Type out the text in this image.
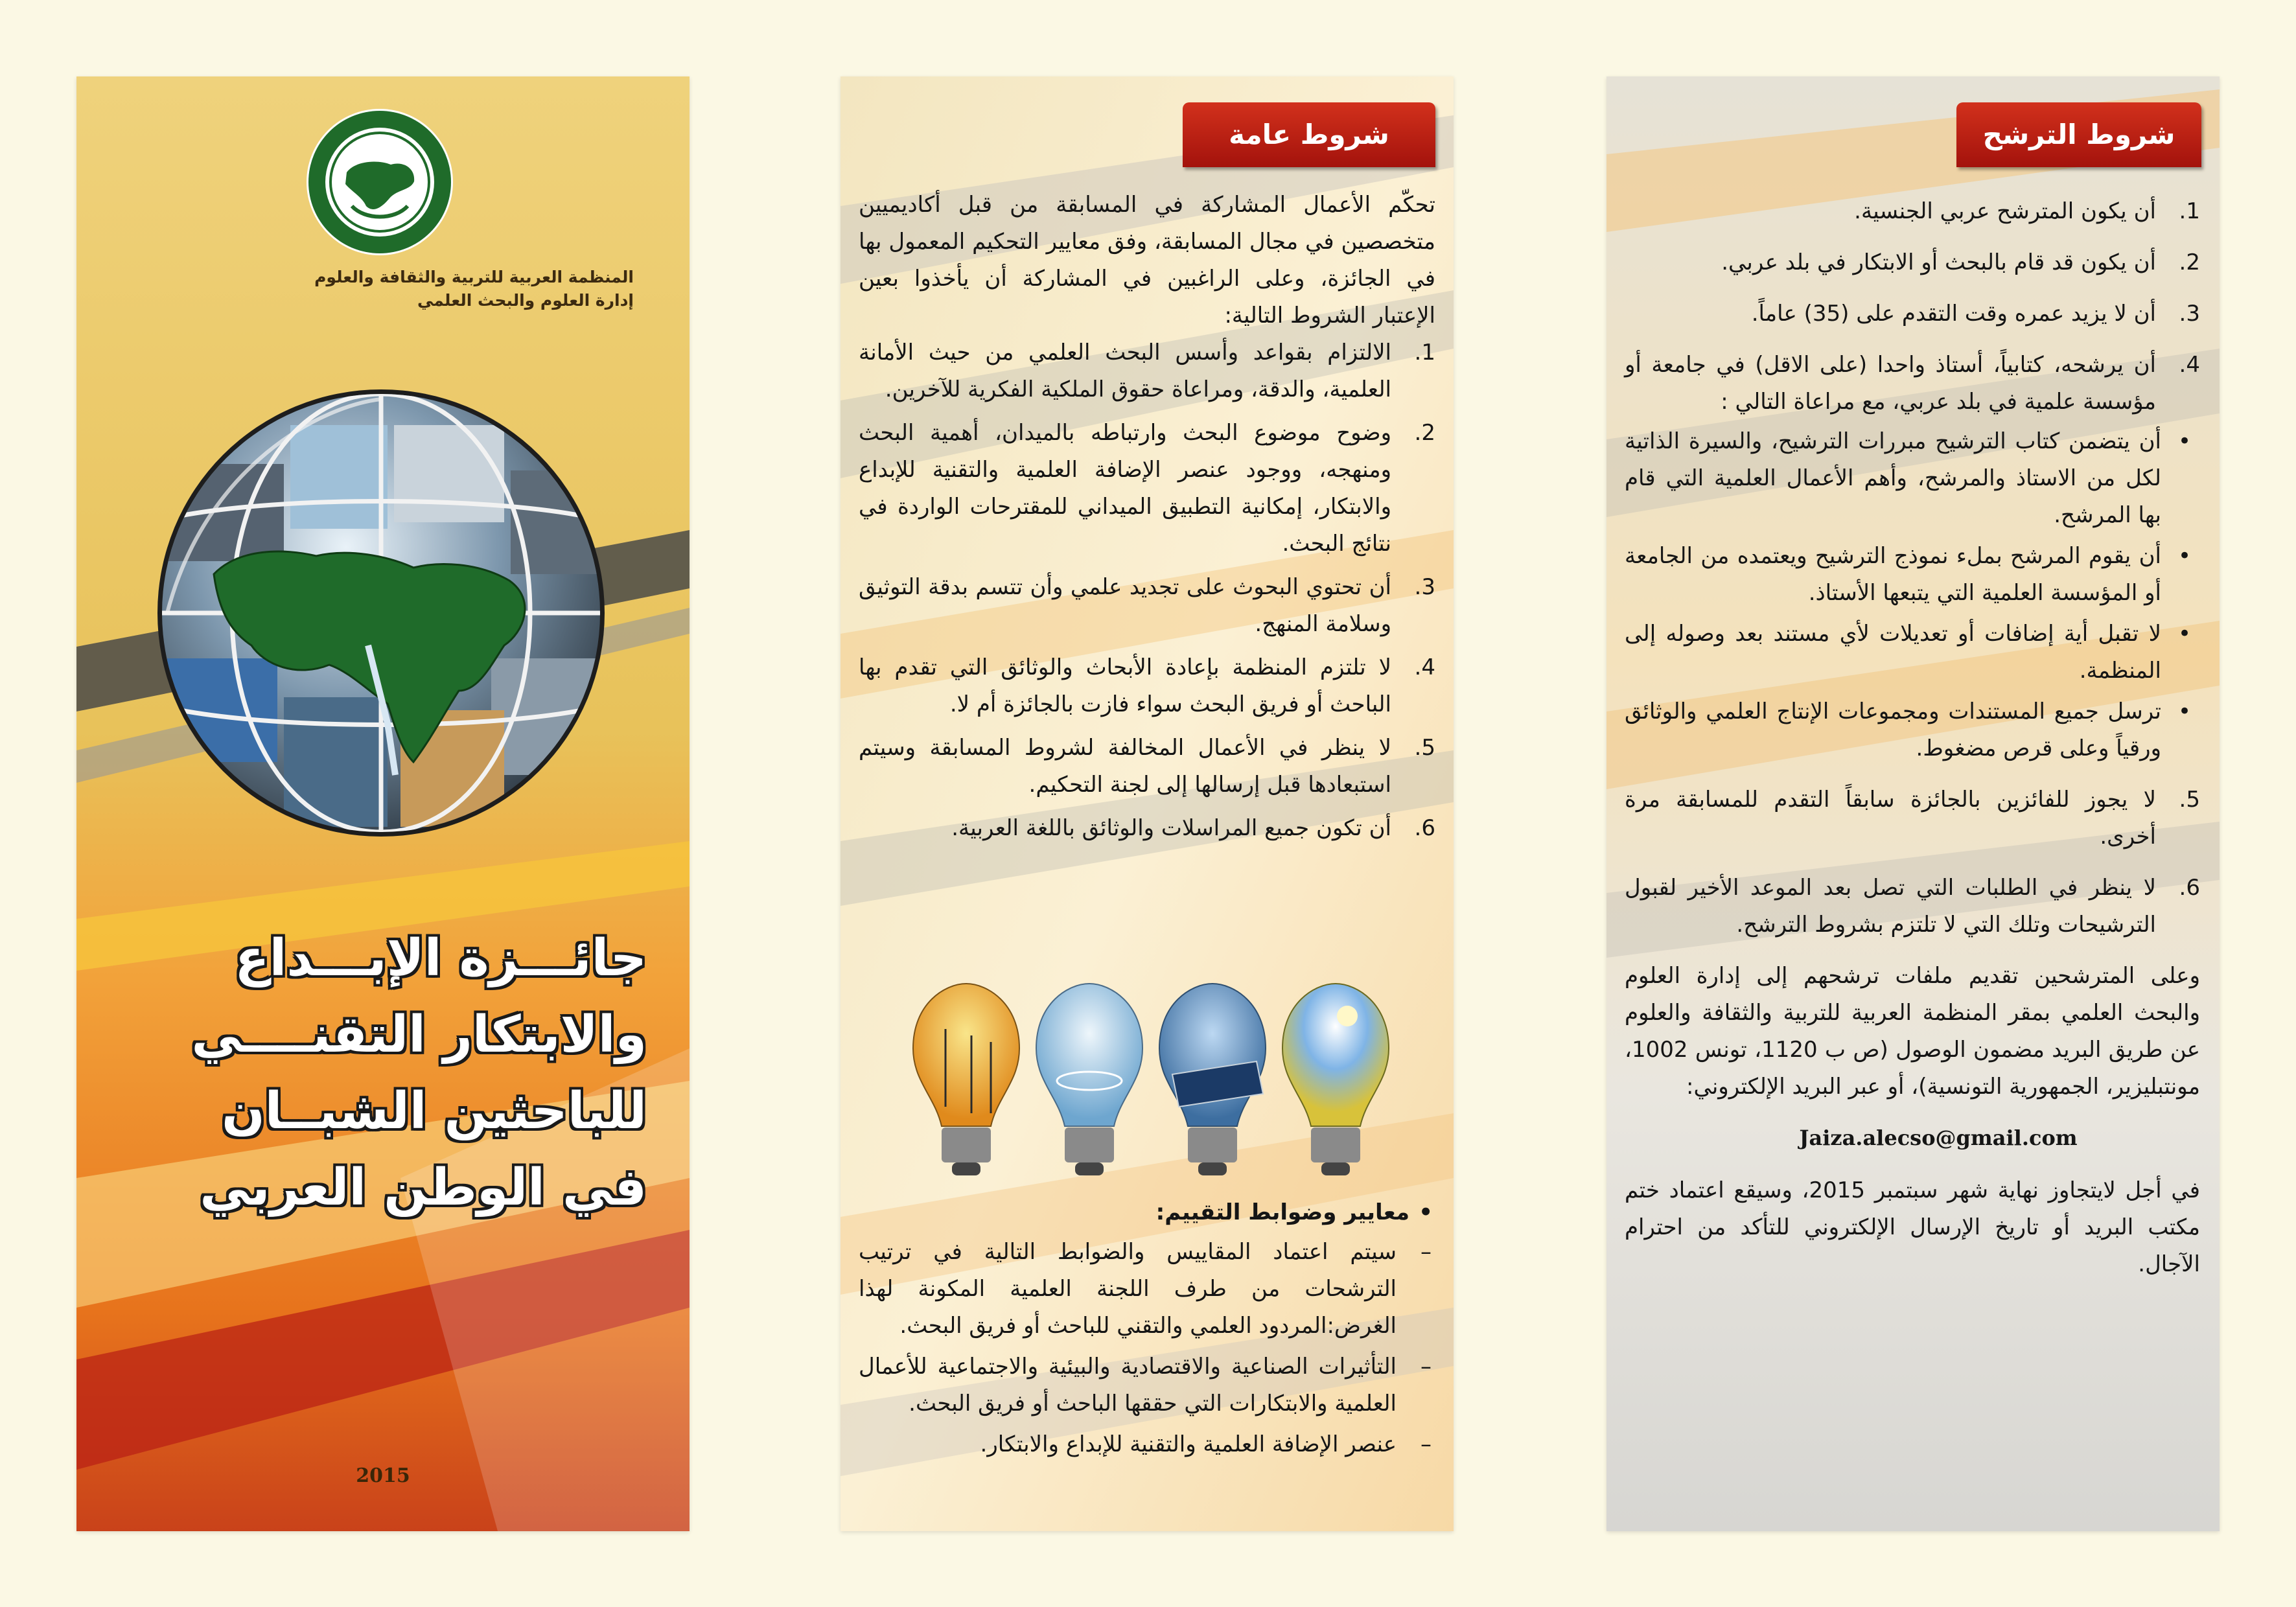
المنظمة العربية للتربية والثقافة والعلوم
إدارة العلوم والبحث العلمي
جائـــزة الإبـــداع
والابتكار التقنــــي
للباحثين الشبــان
في الوطن العربي
2015
شروط عامة

تحكّم الأعمال المشاركة في المسابقة من قبل أكاديميين متخصصين في مجال المسابقة، وفق معايير التحكيم المعمول بها في الجائزة، وعلى الراغبين في المشاركة أن يأخذوا بعين الإعتبار الشروط التالية:

1.
الالتزام بقواعد وأسس البحث العلمي من حيث الأمانة العلمية، والدقة، ومراعاة حقوق الملكية الفكرية للآخرين.
2.
وضوح موضوع البحث وارتباطه بالميدان، أهمية البحث ومنهجه، ووجود عنصر الإضافة العلمية والتقنية للإبداع والابتكار، إمكانية التطبيق الميداني للمقترحات الواردة في نتائج البحث.
3.
أن تحتوي البحوث على تجديد علمي وأن تتسم بدقة التوثيق وسلامة المنهج.
4.
لا تلتزم المنظمة بإعادة الأبحاث والوثائق التي تقدم بها الباحث أو فريق البحث سواء فازت بالجائزة أم لا.
5.
لا ينظر في الأعمال المخالفة لشروط المسابقة وسيتم استبعادها قبل إرسالها إلى لجنة التحكيم.
6.
أن تكون جميع المراسلات والوثائق باللغة العربية.
• معايير وضوابط التقييم:
– سيتم اعتماد المقاييس والضوابط التالية في ترتيب الترشحات من طرف اللجنة العلمية المكونة لهذا الغرض:المردود العلمي والتقني للباحث أو فريق البحث.
– التأثيرات الصناعية والاقتصادية والبيئية والاجتماعية للأعمال العلمية والابتكارات التي حققها الباحث أو فريق البحث.
– عنصر الإضافة العلمية والتقنية للإبداع والابتكار.
شروط الترشح
1.
أن يكون المترشح عربي الجنسية.
2.
أن يكون قد قام بالبحث أو الابتكار في بلد عربي.
3.
أن لا يزيد عمره وقت التقدم على (35) عاماً.
4.
أن يرشحه، كتابياً، أستاذ واحدا (على الاقل) في جامعة أو مؤسسة علمية في بلد عربي، مع مراعاة التالي :
• أن يتضمن كتاب الترشيح مبررات الترشيح، والسيرة الذاتية لكل من الاستاذ والمرشح، وأهم الأعمال العلمية التي قام بها المرشح.
• أن يقوم المرشح بملء نموذج الترشيح ويعتمده من الجامعة أو المؤسسة العلمية التي يتبعها الأستاذ.
• لا تقبل أية إضافات أو تعديلات لأي مستند بعد وصوله إلى المنظمة.
• ترسل جميع المستندات ومجموعات الإنتاج العلمي والوثائق ورقياً وعلى قرص مضغوط.
5.
لا يجوز للفائزين بالجائزة سابقاً التقدم للمسابقة مرة أخرى.
6.
لا ينظر في الطلبات التي تصل بعد الموعد الأخير لقبول الترشيحات وتلك التي لا تلتزم بشروط الترشح.

وعلى المترشحين تقديم ملفات ترشحهم إلى إدارة العلوم والبحث العلمي بمقر المنظمة العربية للتربية والثقافة والعلوم عن طريق البريد مضمون الوصول (ص ب 1120، تونس 1002، مونتبليزير، الجمهورية التونسية)، أو عبر البريد الإلكتروني:

Jaiza.alecso@gmail.com

في أجل لايتجاوز نهاية شهر سبتمبر 2015، وسيقع اعتماد ختم مكتب البريد أو تاريخ الإرسال الإلكتروني للتأكد من احترام الآجال.
